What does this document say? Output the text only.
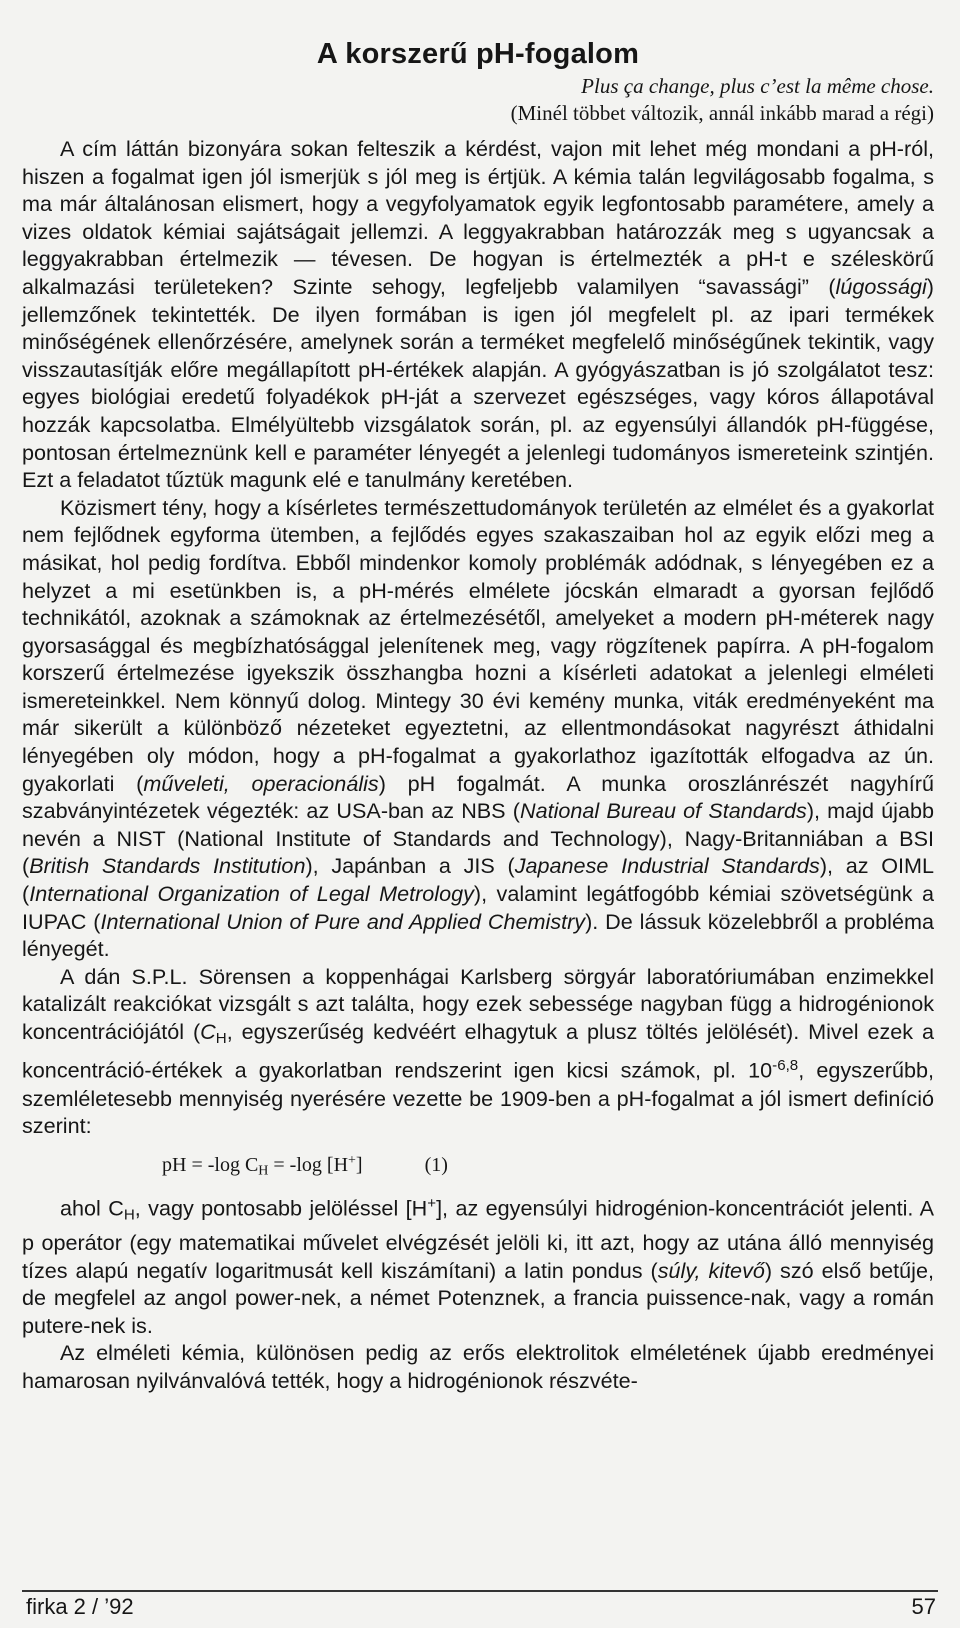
A korszerű pH-fogalom
Plus ça change, plus c’est la même chose.
(Minél többet változik, annál inkább marad a régi)

A cím láttán bizonyára sokan felteszik a kérdést, vajon mit lehet még mondani a pH-ról, hiszen a fogalmat igen jól ismerjük s jól meg is értjük. A kémia talán legvilágosabb fogalma, s ma már általánosan elismert, hogy a vegyfolyamatok egyik legfontosabb paramétere, amely a vizes oldatok kémiai sajátságait jellemzi. A leggyakrabban határozzák meg s ugyancsak a leggyakrabban értelmezik — tévesen. De hogyan is értelmezték a pH-t e széleskörű alkalmazási területeken? Szinte sehogy, legfeljebb valamilyen “savassági” (lúgossági) jellemzőnek tekintették. De ilyen formában is igen jól megfelelt pl. az ipari termékek minőségének ellenőrzésére, amelynek során a terméket megfelelő minőségűnek tekintik, vagy visszautasítják előre megállapított pH-értékek alapján. A gyógyászatban is jó szolgálatot tesz: egyes biológiai eredetű folyadékok pH-ját a szervezet egészséges, vagy kóros állapotával hozzák kapcsolatba. Elmélyültebb vizsgálatok során, pl. az egyensúlyi állandók pH-függése, pontosan értelmeznünk kell e paraméter lényegét a jelenlegi tudományos ismereteink szintjén. Ezt a feladatot tűztük magunk elé e tanulmány keretében.

Közismert tény, hogy a kísérletes természettudományok területén az elmélet és a gyakorlat nem fejlődnek egyforma ütemben, a fejlődés egyes szakaszaiban hol az egyik előzi meg a másikat, hol pedig fordítva. Ebből mindenkor komoly problémák adódnak, s lényegében ez a helyzet a mi esetünkben is, a pH-mérés elmélete jócskán elmaradt a gyorsan fejlődő technikától, azoknak a számoknak az értelmezésétől, amelyeket a modern pH-méterek nagy gyorsasággal és megbízhatósággal jelenítenek meg, vagy rögzítenek papírra. A pH-fogalom korszerű értelmezése igyekszik összhangba hozni a kísérleti adatokat a jelenlegi elméleti ismereteinkkel. Nem könnyű dolog. Mintegy 30 évi kemény munka, viták eredményeként ma már sikerült a különböző nézeteket egyeztetni, az ellentmondásokat nagyrészt áthidalni lényegében oly módon, hogy a pH-fogalmat a gyakorlathoz igazították elfogadva az ún. gyakorlati (műveleti, operacionális) pH fogalmát. A munka oroszlánrészét nagyhírű szabványintézetek végezték: az USA-ban az NBS (National Bureau of Standards), majd újabb nevén a NIST (National Institute of Standards and Technology), Nagy-Britanniában a BSI (British Standards Institution), Japánban a JIS (Japanese Industrial Standards), az OIML (International Organization of Legal Metrology), valamint legátfogóbb kémiai szövetségünk a IUPAC (International Union of Pure and Applied Chemistry). De lássuk közelebbről a probléma lényegét.

A dán S.P.L. Sörensen a koppenhágai Karlsberg sörgyár laboratóriumában enzimekkel katalizált reakciókat vizsgált s azt találta, hogy ezek sebessége nagyban függ a hidrogénionok koncentrációjától ($C_H$, egyszerűség kedvéért elhagytuk a plusz töltés jelölését). Mivel ezek a koncentráció-értékek a gyakorlatban rendszerint igen kicsi számok, pl. $10^{-6,8}$, egyszerűbb, szemléletesebb mennyiség nyerésére vezette be 1909-ben a pH-fogalmat a jól ismert definíció szerint:

pH = -log $C_H = -\log$ [H+]	(1)

ahol $C_H$, vagy pontosabb jelöléssel [H+], az egyensúlyi hidrogénion-koncentrációt jelenti. A p operátor (egy matematikai művelet elvégzését jelöli ki, itt azt, hogy az utána álló mennyiség tízes alapú negatív logaritmusát kell kiszámítani) a latin pondus (súly, kitevő) szó első betűje, de megfelel az angol power-nek, a német Potenznek, a francia puissence-nak, vagy a román putere-nek is.

Az elméleti kémia, különösen pedig az erős elektrolitok elméletének újabb eredményei hamarosan nyilvánvalóvá tették, hogy a hidrogénionok részvéte-

firka 2 / ’92	57
